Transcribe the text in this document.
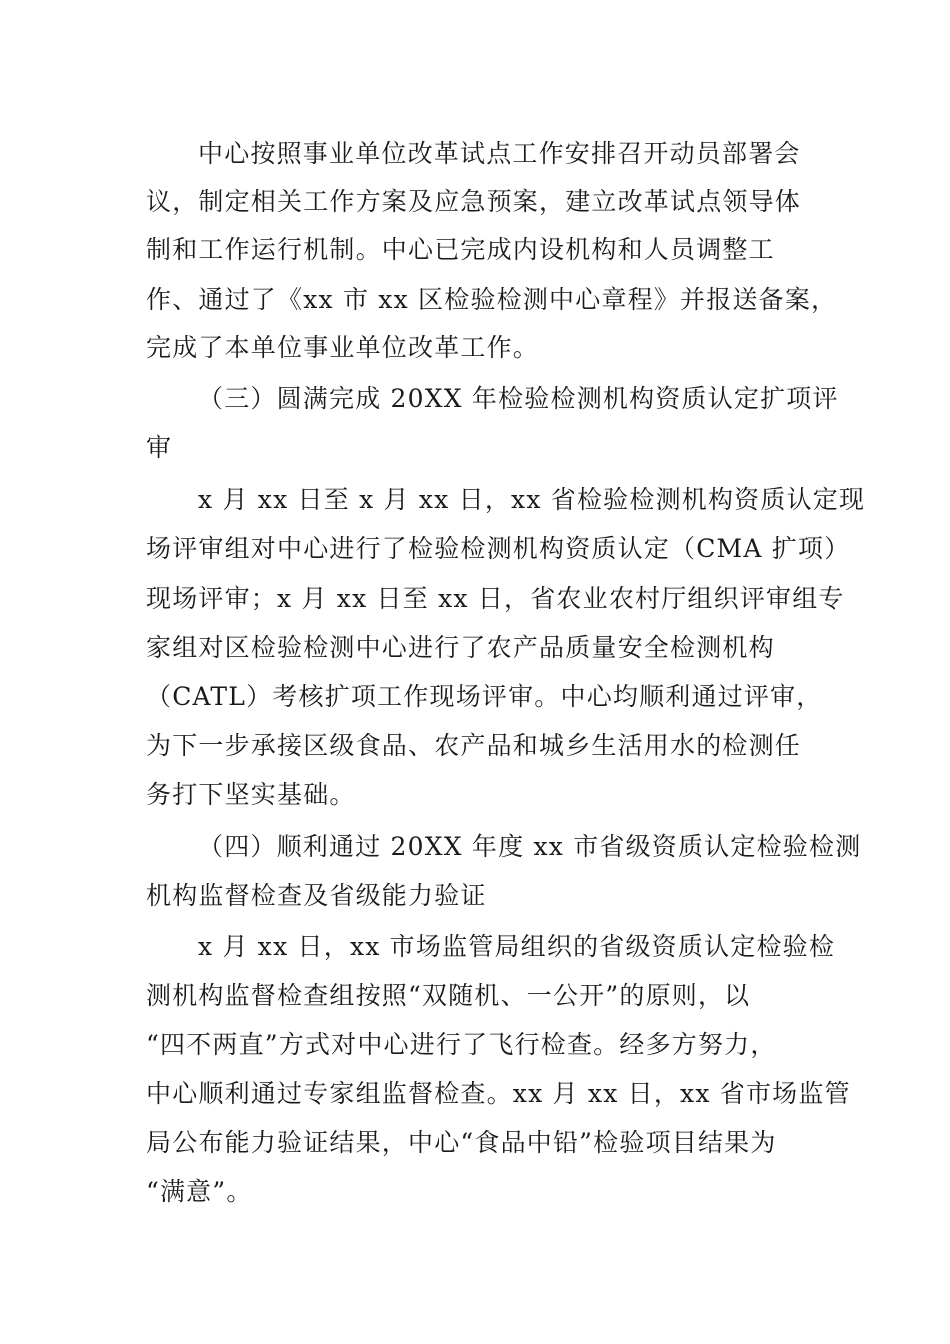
中心按照事业单位改革试点工作安排召开动员部署会
议，制定相关工作方案及应急预案，建立改革试点领导体
制和工作运行机制。中心已完成内设机构和人员调整工
作、通过了《xx 市 xx 区检验检测中心章程》并报送备案，
完成了本单位事业单位改革工作。
（三）圆满完成 20XX 年检验检测机构资质认定扩项评
审
x 月 xx 日至 x 月 xx 日，xx 省检验检测机构资质认定现
场评审组对中心进行了检验检测机构资质认定（CMA 扩项）
现场评审；x 月 xx 日至 xx 日，省农业农村厅组织评审组专
家组对区检验检测中心进行了农产品质量安全检测机构
（CATL）考核扩项工作现场评审。中心均顺利通过评审，
为下一步承接区级食品、农产品和城乡生活用水的检测任
务打下坚实基础。
（四）顺利通过 20XX 年度 xx 市省级资质认定检验检测
机构监督检查及省级能力验证
x 月 xx 日，xx 市场监管局组织的省级资质认定检验检
测机构监督检查组按照“双随机、一公开”的原则，以
“四不两直”方式对中心进行了飞行检查。经多方努力，
中心顺利通过专家组监督检查。xx 月 xx 日，xx 省市场监管
局公布能力验证结果，中心“食品中铅”检验项目结果为
“满意”。
